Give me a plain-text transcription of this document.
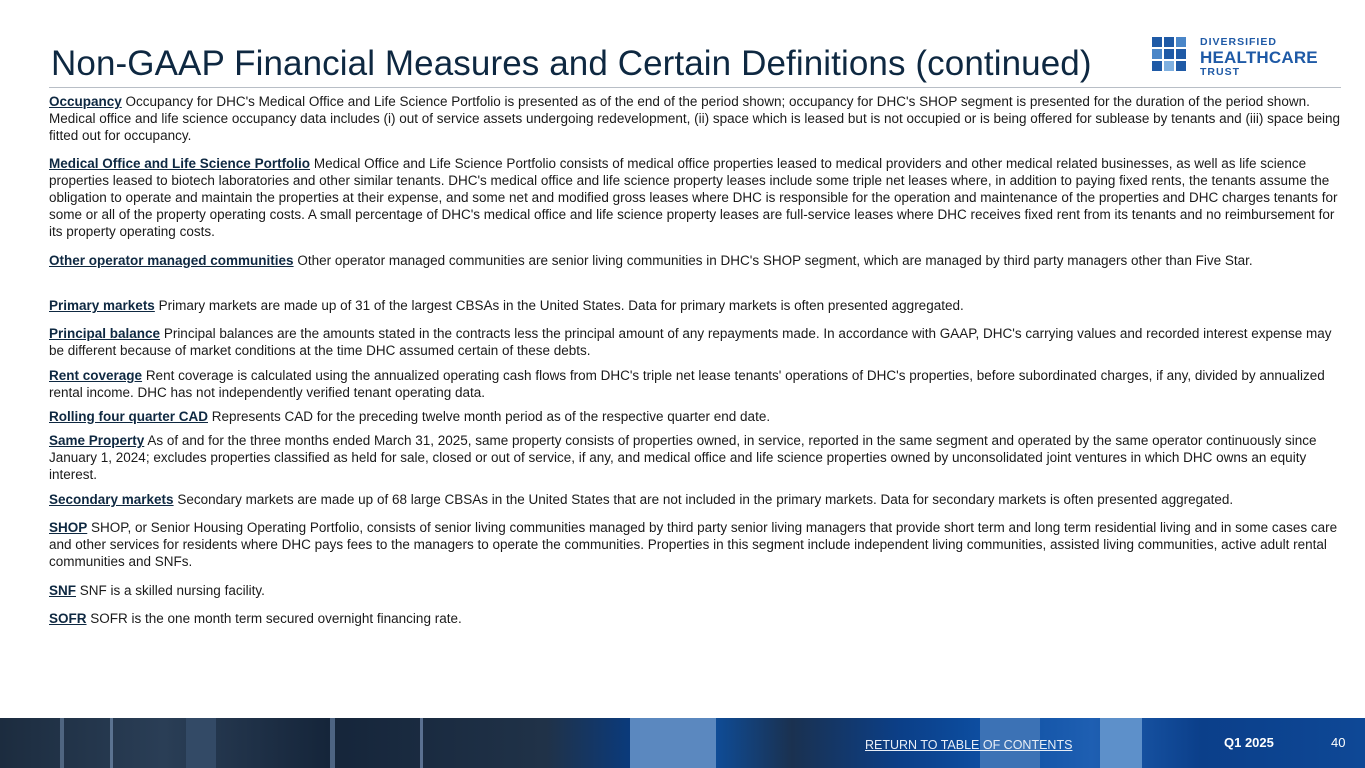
Non-GAAP Financial Measures and Certain Definitions (continued)
DIVERSIFIED
HEALTHCARE
TRUST

Occupancy Occupancy for DHC's Medical Office and Life Science Portfolio is presented as of the end of the period shown; occupancy for DHC's SHOP segment is presented for the duration of the period shown. Medical office and life science occupancy data includes (i) out of service assets undergoing redevelopment, (ii) space which is leased but is not occupied or is being offered for sublease by tenants and (iii) space being fitted out for occupancy.

Medical Office and Life Science Portfolio Medical Office and Life Science Portfolio consists of medical office properties leased to medical providers and other medical related businesses, as well as life science properties leased to biotech laboratories and other similar tenants. DHC's medical office and life science property leases include some triple net leases where, in addition to paying fixed rents, the tenants assume the obligation to operate and maintain the properties at their expense, and some net and modified gross leases where DHC is responsible for the operation and maintenance of the properties and DHC charges tenants for some or all of the property operating costs. A small percentage of DHC's medical office and life science property leases are full-service leases where DHC receives fixed rent from its tenants and no reimbursement for its property operating costs.

Other operator managed communities Other operator managed communities are senior living communities in DHC's SHOP segment, which are managed by third party managers other than Five Star.

Primary markets Primary markets are made up of 31 of the largest CBSAs in the United States. Data for primary markets is often presented aggregated.

Principal balance Principal balances are the amounts stated in the contracts less the principal amount of any repayments made. In accordance with GAAP, DHC's carrying values and recorded interest expense may be different because of market conditions at the time DHC assumed certain of these debts.

Rent coverage Rent coverage is calculated using the annualized operating cash flows from DHC's triple net lease tenants' operations of DHC's properties, before subordinated charges, if any, divided by annualized rental income. DHC has not independently verified tenant operating data.

Rolling four quarter CAD Represents CAD for the preceding twelve month period as of the respective quarter end date.

Same Property As of and for the three months ended March 31, 2025, same property consists of properties owned, in service, reported in the same segment and operated by the same operator continuously since January 1, 2024; excludes properties classified as held for sale, closed or out of service, if any, and medical office and life science properties owned by unconsolidated joint ventures in which DHC owns an equity interest.

Secondary markets Secondary markets are made up of 68 large CBSAs in the United States that are not included in the primary markets. Data for secondary markets is often presented aggregated.

SHOP SHOP, or Senior Housing Operating Portfolio, consists of senior living communities managed by third party senior living managers that provide short term and long term residential living and in some cases care and other services for residents where DHC pays fees to the managers to operate the communities. Properties in this segment include independent living communities, assisted living communities, active adult rental communities and SNFs.

SNF SNF is a skilled nursing facility.

SOFR SOFR is the one month term secured overnight financing rate.

RETURN TO TABLE OF CONTENTS	Q1 2025	40
